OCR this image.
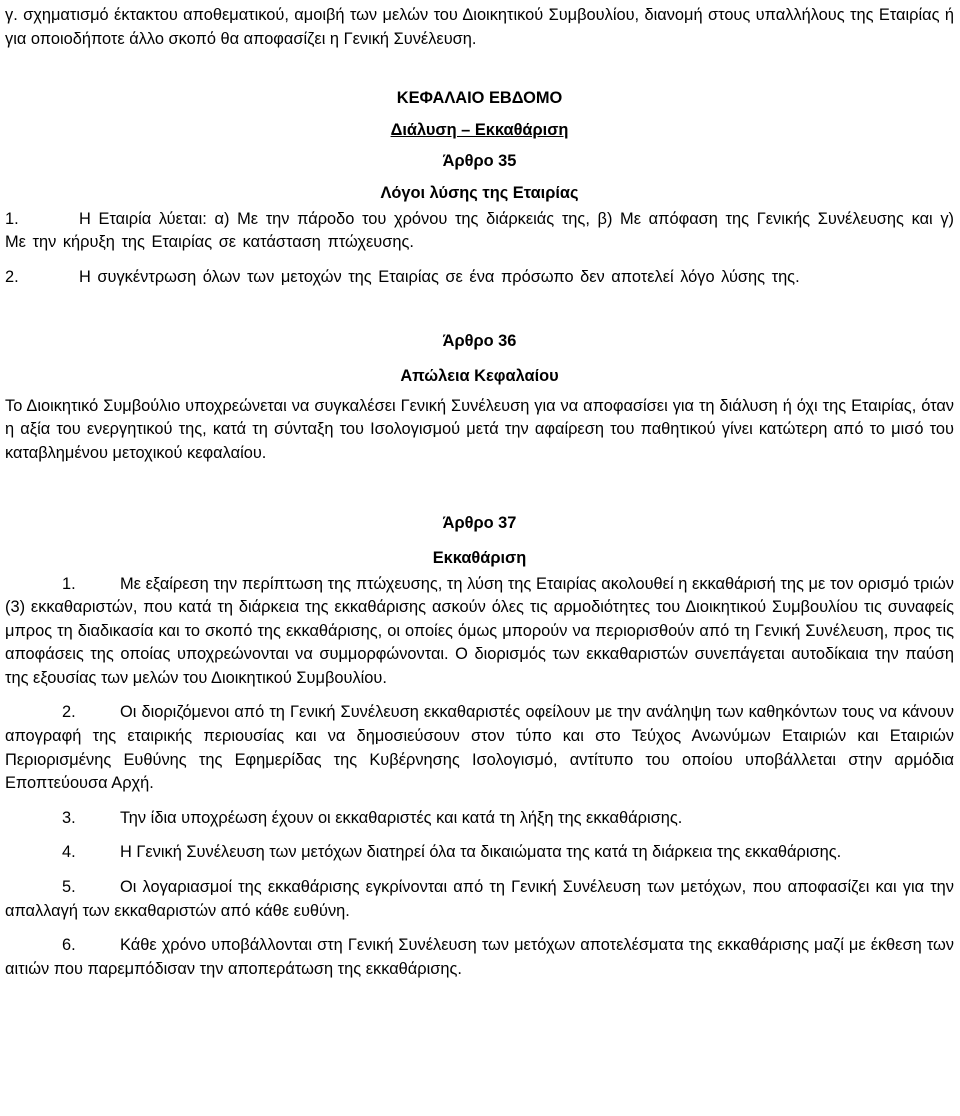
γ. σχηματισμό έκτακτου αποθεματικού, αμοιβή των μελών του Διοικητικού Συμβουλίου, διανομή στους υπαλλήλους της Εταιρίας ή για οποιοδήποτε άλλο σκοπό θα αποφασίζει η Γενική Συνέλευση.

ΚΕΦΑΛΑΙΟ ΕΒΔΟΜΟ

Διάλυση – Εκκαθάριση

Άρθρο 35

Λόγοι λύσης της Εταιρίας

1.	Η Εταιρία λύεται: α) Με την πάροδο του χρόνου της διάρκειάς της, β) Με απόφαση της Γενικής Συνέλευσης και γ) Με την κήρυξη της Εταιρίας σε κατάσταση πτώχευσης.

2.	Η συγκέντρωση όλων των μετοχών της Εταιρίας σε ένα πρόσωπο δεν αποτελεί λόγο λύσης της.

Άρθρο 36

Απώλεια Κεφαλαίου

Το Διοικητικό Συμβούλιο υποχρεώνεται να συγκαλέσει Γενική Συνέλευση για να αποφασίσει για τη διάλυση ή όχι της Εταιρίας, όταν η αξία του ενεργητικού της, κατά τη σύνταξη του Ισολογισμού μετά την αφαίρεση του παθητικού γίνει κατώτερη από το μισό του καταβλημένου μετοχικού κεφαλαίου.

Άρθρο 37

Εκκαθάριση

1.	Με εξαίρεση την περίπτωση της πτώχευσης, τη λύση της Εταιρίας ακολουθεί η εκκαθάρισή της με τον ορισμό τριών (3) εκκαθαριστών, που κατά τη διάρκεια της εκκαθάρισης ασκούν όλες τις αρμοδιότητες του Διοικητικού Συμβουλίου τις συναφείς μπρος τη διαδικασία και το σκοπό της εκκαθάρισης, οι οποίες όμως μπορούν να περιορισθούν από τη Γενική Συνέλευση, προς τις αποφάσεις της οποίας υποχρεώνονται να συμμορφώνονται. Ο διορισμός των εκκαθαριστών συνεπάγεται αυτοδίκαια την παύση της εξουσίας των μελών του Διοικητικού Συμβουλίου.

2.	Οι διοριζόμενοι από τη Γενική Συνέλευση εκκαθαριστές οφείλουν με την ανάληψη των καθηκόντων τους να κάνουν απογραφή της εταιρικής περιουσίας και να δημοσιεύσουν στον τύπο και στο Τεύχος Ανωνύμων Εταιριών και Εταιριών Περιορισμένης Ευθύνης της Εφημερίδας της Κυβέρνησης Ισολογισμό, αντίτυπο του οποίου υποβάλλεται στην αρμόδια Εποπτεύουσα Αρχή.

3.	Την ίδια υποχρέωση έχουν οι εκκαθαριστές και κατά τη λήξη της εκκαθάρισης.

4.	Η Γενική Συνέλευση των μετόχων διατηρεί όλα τα δικαιώματα της κατά τη διάρκεια της εκκαθάρισης.

5.	Οι λογαριασμοί της εκκαθάρισης εγκρίνονται από τη Γενική Συνέλευση των μετόχων, που αποφασίζει και για την απαλλαγή των εκκαθαριστών από κάθε ευθύνη.

6.	Κάθε χρόνο υποβάλλονται στη Γενική Συνέλευση των μετόχων αποτελέσματα της εκκαθάρισης μαζί με έκθεση των αιτιών που παρεμπόδισαν την αποπεράτωση της εκκαθάρισης.
